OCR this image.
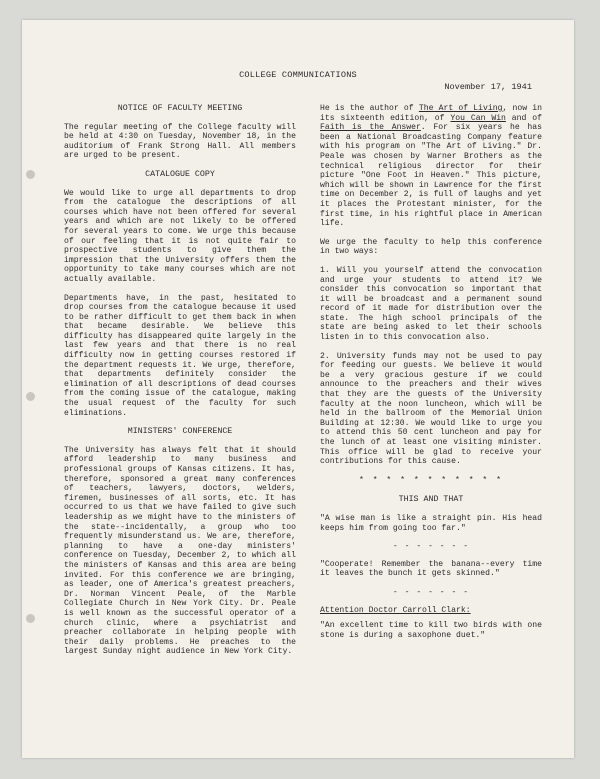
COLLEGE COMMUNICATIONS
November 17, 1941
NOTICE OF FACULTY MEETING

The regular meeting of the College faculty will be held at 4:30 on Tuesday, November 18, in the auditorium of Frank Strong Hall. All members are urged to be present.

CATALOGUE COPY

We would like to urge all departments to drop from the catalogue the descriptions of all courses which have not been offered for several years and which are not likely to be offered for several years to come. We urge this because of our feeling that it is not quite fair to prospective students to give them the impression that the University offers them the opportunity to take many courses which are not actually available.

Departments have, in the past, hesitated to drop courses from the catalogue because it used to be rather difficult to get them back in when that became desirable. We believe this difficulty has disappeared quite largely in the last few years and that there is no real difficulty now in getting courses restored if the department requests it. We urge, therefore, that departments definitely consider the elimination of all descriptions of dead courses from the coming issue of the catalogue, making the usual request of the faculty for such eliminations.

MINISTERS' CONFERENCE

The University has always felt that it should afford leadership to many business and professional groups of Kansas citizens. It has, therefore, sponsored a great many conferences of teachers, lawyers, doctors, welders, firemen, businesses of all sorts, etc. It has occurred to us that we have failed to give such leadership as we might have to the ministers of the state--incidentally, a group who too frequently misunderstand us. We are, therefore, planning to have a one-day ministers' conference on Tuesday, December 2, to which all the ministers of Kansas and this area are being invited. For this conference we are bringing, as leader, one of America's greatest preachers, Dr. Norman Vincent Peale, of the Marble Collegiate Church in New York City. Dr. Peale is well known as the successful operator of a church clinic, where a psychiatrist and preacher collaborate in helping people with their daily problems. He preaches to the largest Sunday night audience in New York City.

He is the author of The Art of Living, now in its sixteenth edition, of You Can Win and of Faith is the Answer. For six years he has been a National Broadcasting Company feature with his program on "The Art of Living." Dr. Peale was chosen by Warner Brothers as the technical religious director for their picture "One Foot in Heaven." This picture, which will be shown in Lawrence for the first time on December 2, is full of laughs and yet it places the Protestant minister, for the first time, in his rightful place in American life.

We urge the faculty to help this conference in two ways:

1. Will you yourself attend the convocation and urge your students to attend it? We consider this convocation so important that it will be broadcast and a permanent sound record of it made for distribution over the state. The high school principals of the state are being asked to let their schools listen in to this convocation also.

2. University funds may not be used to pay for feeding our guests. We believe it would be a very gracious gesture if we could announce to the preachers and their wives that they are the guests of the University faculty at the noon luncheon, which will be held in the ballroom of the Memorial Union Building at 12:30. We would like to urge you to attend this 50 cent luncheon and pay for the lunch of at least one visiting minister. This office will be glad to receive your contributions for this cause.

* * * * * * * * * * *
THIS AND THAT

"A wise man is like a straight pin. His head keeps him from going too far."

- - - - - - -

"Cooperate! Remember the banana--every time it leaves the bunch it gets skinned."

- - - - - - -

Attention Doctor Carroll Clark:

"An excellent time to kill two birds with one stone is during a saxophone duet."
